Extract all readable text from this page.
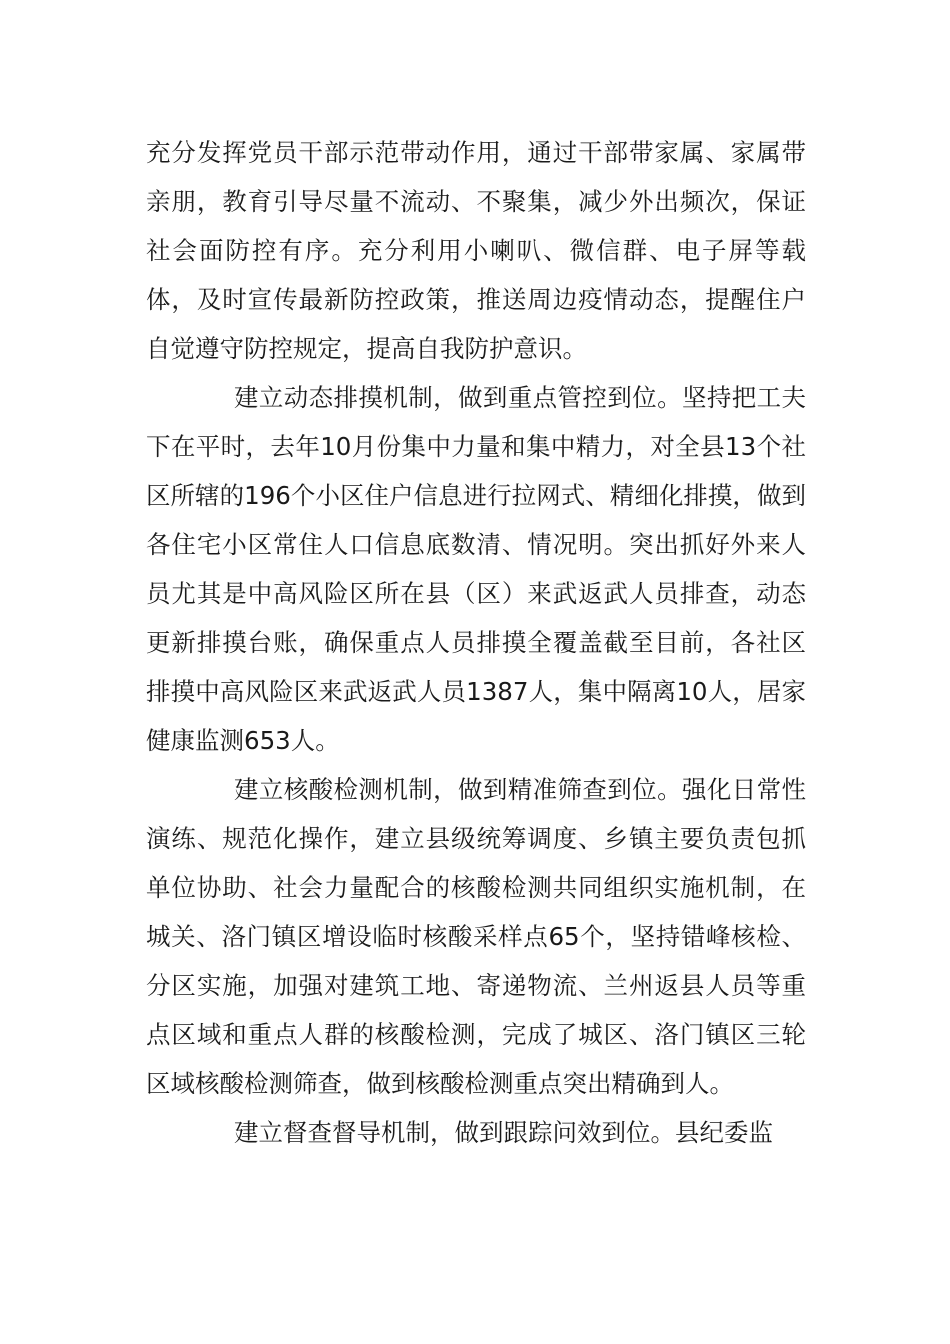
充分发挥党员干部示范带动作用，通过干部带家属、家属带亲朋，教育引导尽量不流动、不聚集，减少外出频次，保证社会面防控有序。充分利用小喇叭、微信群、电子屏等载体，及时宣传最新防控政策，推送周边疫情动态，提醒住户自觉遵守防控规定，提高自我防护意识。

建立动态排摸机制，做到重点管控到位。坚持把工夫下在平时，去年10月份集中力量和集中精力，对全县13个社区所辖的196个小区住户信息进行拉网式、精细化排摸，做到各住宅小区常住人口信息底数清、情况明。突出抓好外来人员尤其是中高风险区所在县（区）来武返武人员排查，动态更新排摸台账，确保重点人员排摸全覆盖截至目前，各社区排摸中高风险区来武返武人员1387人，集中隔离10人，居家健康监测653人。

建立核酸检测机制，做到精准筛查到位。强化日常性演练、规范化操作，建立县级统筹调度、乡镇主要负责包抓单位协助、社会力量配合的核酸检测共同组织实施机制，在城关、洛门镇区增设临时核酸采样点65个，坚持错峰核检、分区实施，加强对建筑工地、寄递物流、兰州返县人员等重点区域和重点人群的核酸检测，完成了城区、洛门镇区三轮区域核酸检测筛查，做到核酸检测重点突出精确到人。

建立督查督导机制，做到跟踪问效到位。县纪委监
